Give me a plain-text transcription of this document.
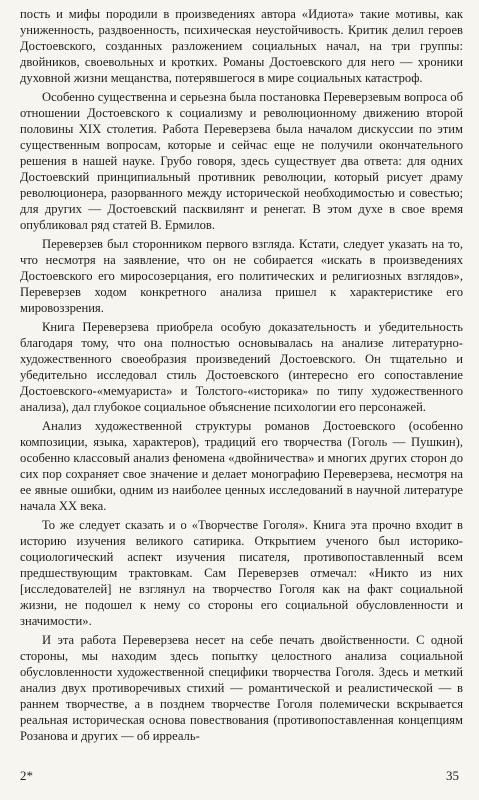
пость и мифы породили в произведениях автора «Идиота» такие мотивы, как униженность, раздвоенность, психическая неустойчивость. Критик делил героев Достоевского, созданных разложением социальных начал, на три группы: двойников, своевольных и кротких. Романы Достоевского для него — хроники духовной жизни мещанства, потерявшегося в мире социальных катастроф.

Особенно существенна и серьезна была постановка Переверзевым вопроса об отношении Достоевского к социализму и революционному движению второй половины XIX столетия. Работа Переверзева была началом дискуссии по этим существенным вопросам, которые и сейчас еще не получили окончательного решения в нашей науке. Грубо говоря, здесь существует два ответа: для одних Достоевский принципиальный противник революции, который рисует драму революционера, разорванного между исторической необходимостью и совестью; для других — Достоевский пасквилянт и ренегат. В этом духе в свое время опубликовал ряд статей В. Ермилов.

Переверзев был сторонником первого взгляда. Кстати, следует указать на то, что несмотря на заявление, что он не собирается «искать в произведениях Достоевского его миросозерцания, его политических и религиозных взглядов», Переверзев ходом конкретного анализа пришел к характеристике его мировоззрения.

Книга Переверзева приобрела особую доказательность и убедительность благодаря тому, что она полностью основывалась на анализе литературно-художественного своеобразия произведений Достоевского. Он тщательно и убедительно исследовал стиль Достоевского (интересно его сопоставление Достоевского-«мемуариста» и Толстого-«историка» по типу художественного анализа), дал глубокое социальное объяснение психологии его персонажей.

Анализ художественной структуры романов Достоевского (особенно композиции, языка, характеров), традиций его творчества (Гоголь — Пушкин), особенно классовый анализ феномена «двойничества» и многих других сторон до сих пор сохраняет свое значение и делает монографию Переверзева, несмотря на ее явные ошибки, одним из наиболее ценных исследований в научной литературе начала XX века.

То же следует сказать и о «Творчестве Гоголя». Книга эта прочно входит в историю изучения великого сатирика. Открытием ученого был историко-социологический аспект изучения писателя, противопоставленный всем предшествующим трактовкам. Сам Переверзев отмечал: «Никто из них [исследователей] не взглянул на творчество Гоголя как на факт социальной жизни, не подошел к нему со стороны его социальной обусловленности и значимости».

И эта работа Переверзева несет на себе печать двойственности. С одной стороны, мы находим здесь попытку целостного анализа социальной обусловленности художественной специфики творчества Гоголя. Здесь и меткий анализ двух противоречивых стихий — романтической и реалистической — в раннем творчестве, а в позднем творчестве Гоголя полемически вскрывается реальная историческая основа повествования (противопоставленная концепциям Розанова и других — об ирреаль-

2*	35
